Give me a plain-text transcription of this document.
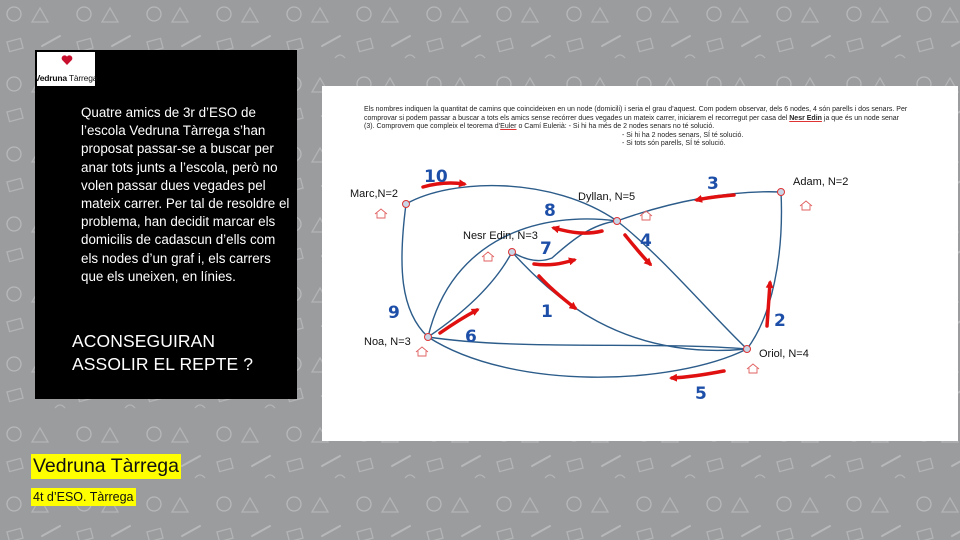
Vedruna Tàrrega
Quatre amics de 3r d’ESO de l’escola Vedruna Tàrrega s’han proposat passar-se a buscar per anar tots junts a l’escola, però no volen passar dues vegades pel mateix carrer. Per tal de resoldre el problema, han decidit marcar els domicilis de cadascun d’ells com els nodes d’un graf i, els carrers que els uneixen, en línies.
ACONSEGUIRAN ASSOLIR EL REPTE ?

Els nombres indiquen la quantitat de camins que coincideixen en un node (domicili) i seria el grau d’aquest. Com podem observar, dels 6 nodes, 4 són parells i dos senars. Per comprovar si podem passar a buscar a tots els amics sense recórrer dues vegades un mateix carrer, iniciarem el recorregut per casa del Nesr Edin ja que és un node senar (3). Comprovem que compleix el teorema d’Euler o Camí Eulerià: - Si hi ha més de 2 nodes senars no té solució.

- Si hi ha 2 nodes senars, SÍ té solució.

- Si tots són parells, SÍ té solució.

1	2
3
4
5
6
7
8
9
10
Marc,N=2	Dyllan, N=5
Adam, N=2
Nesr Edin, N=3
Noa, N=3
Oriol, N=4
Vedruna Tàrrega
4t d’ESO. Tàrrega
